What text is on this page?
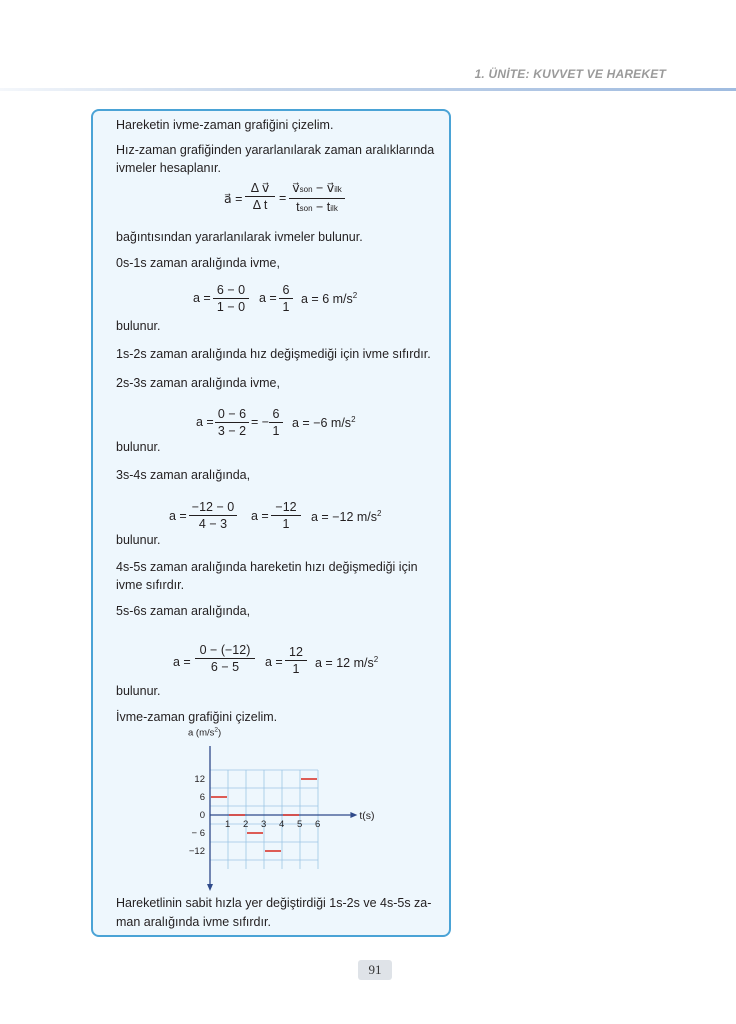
1. ÜNİTE: KUVVET VE HAREKET
Hareketin ivme-zaman grafiğini çizelim.
Hız-zaman grafiğinden yararlanılarak zaman aralıklarında
ivmeler hesaplanır.
a⃗ = $\frac{\text{Δ v⃗}}{\text{Δ t}}$ =
v⃗son − v⃗ilk
tson − tilk
bağıntısından yararlanılarak ivmeler bulunur.
0s-1s zaman aralığında ivme,
$a = \frac{6 - 0}{1 - 0}$ $a = \frac{6}{1}$ a = 6 $m/s^2$
bulunur.
1s-2s zaman aralığında hız değişmediği için ivme sıfırdır.
2s-3s zaman aralığında ivme,
$a = \frac{0 - 6}{3 - 2}$ = − $\frac{6}{1}$ a = −6 $m/s^2$
bulunur.
3s-4s zaman aralığında,
$a = \frac{-12 - 0}{4 - 3}$ $a = \frac{-12}{1}$ a = −12 $m/s^2$
bulunur.
4s-5s zaman aralığında hareketin hızı değişmediği için
ivme sıfırdır.
5s-6s zaman aralığında,
$a = \frac{0 - (-12)}{6 - 5}$ $a = \frac{12}{1}$ a = 12 $m/s^2$
bulunur.
İvme-zaman grafiğini çizelim.
a $(m/s^2)$
t(s)
1 2 3 4 5 6
12
6
0
− 6
−12
Hareketlinin sabit hızla yer değiştirdiği 1s-2s ve 4s-5s za-
man aralığında ivme sıfırdır.
91
